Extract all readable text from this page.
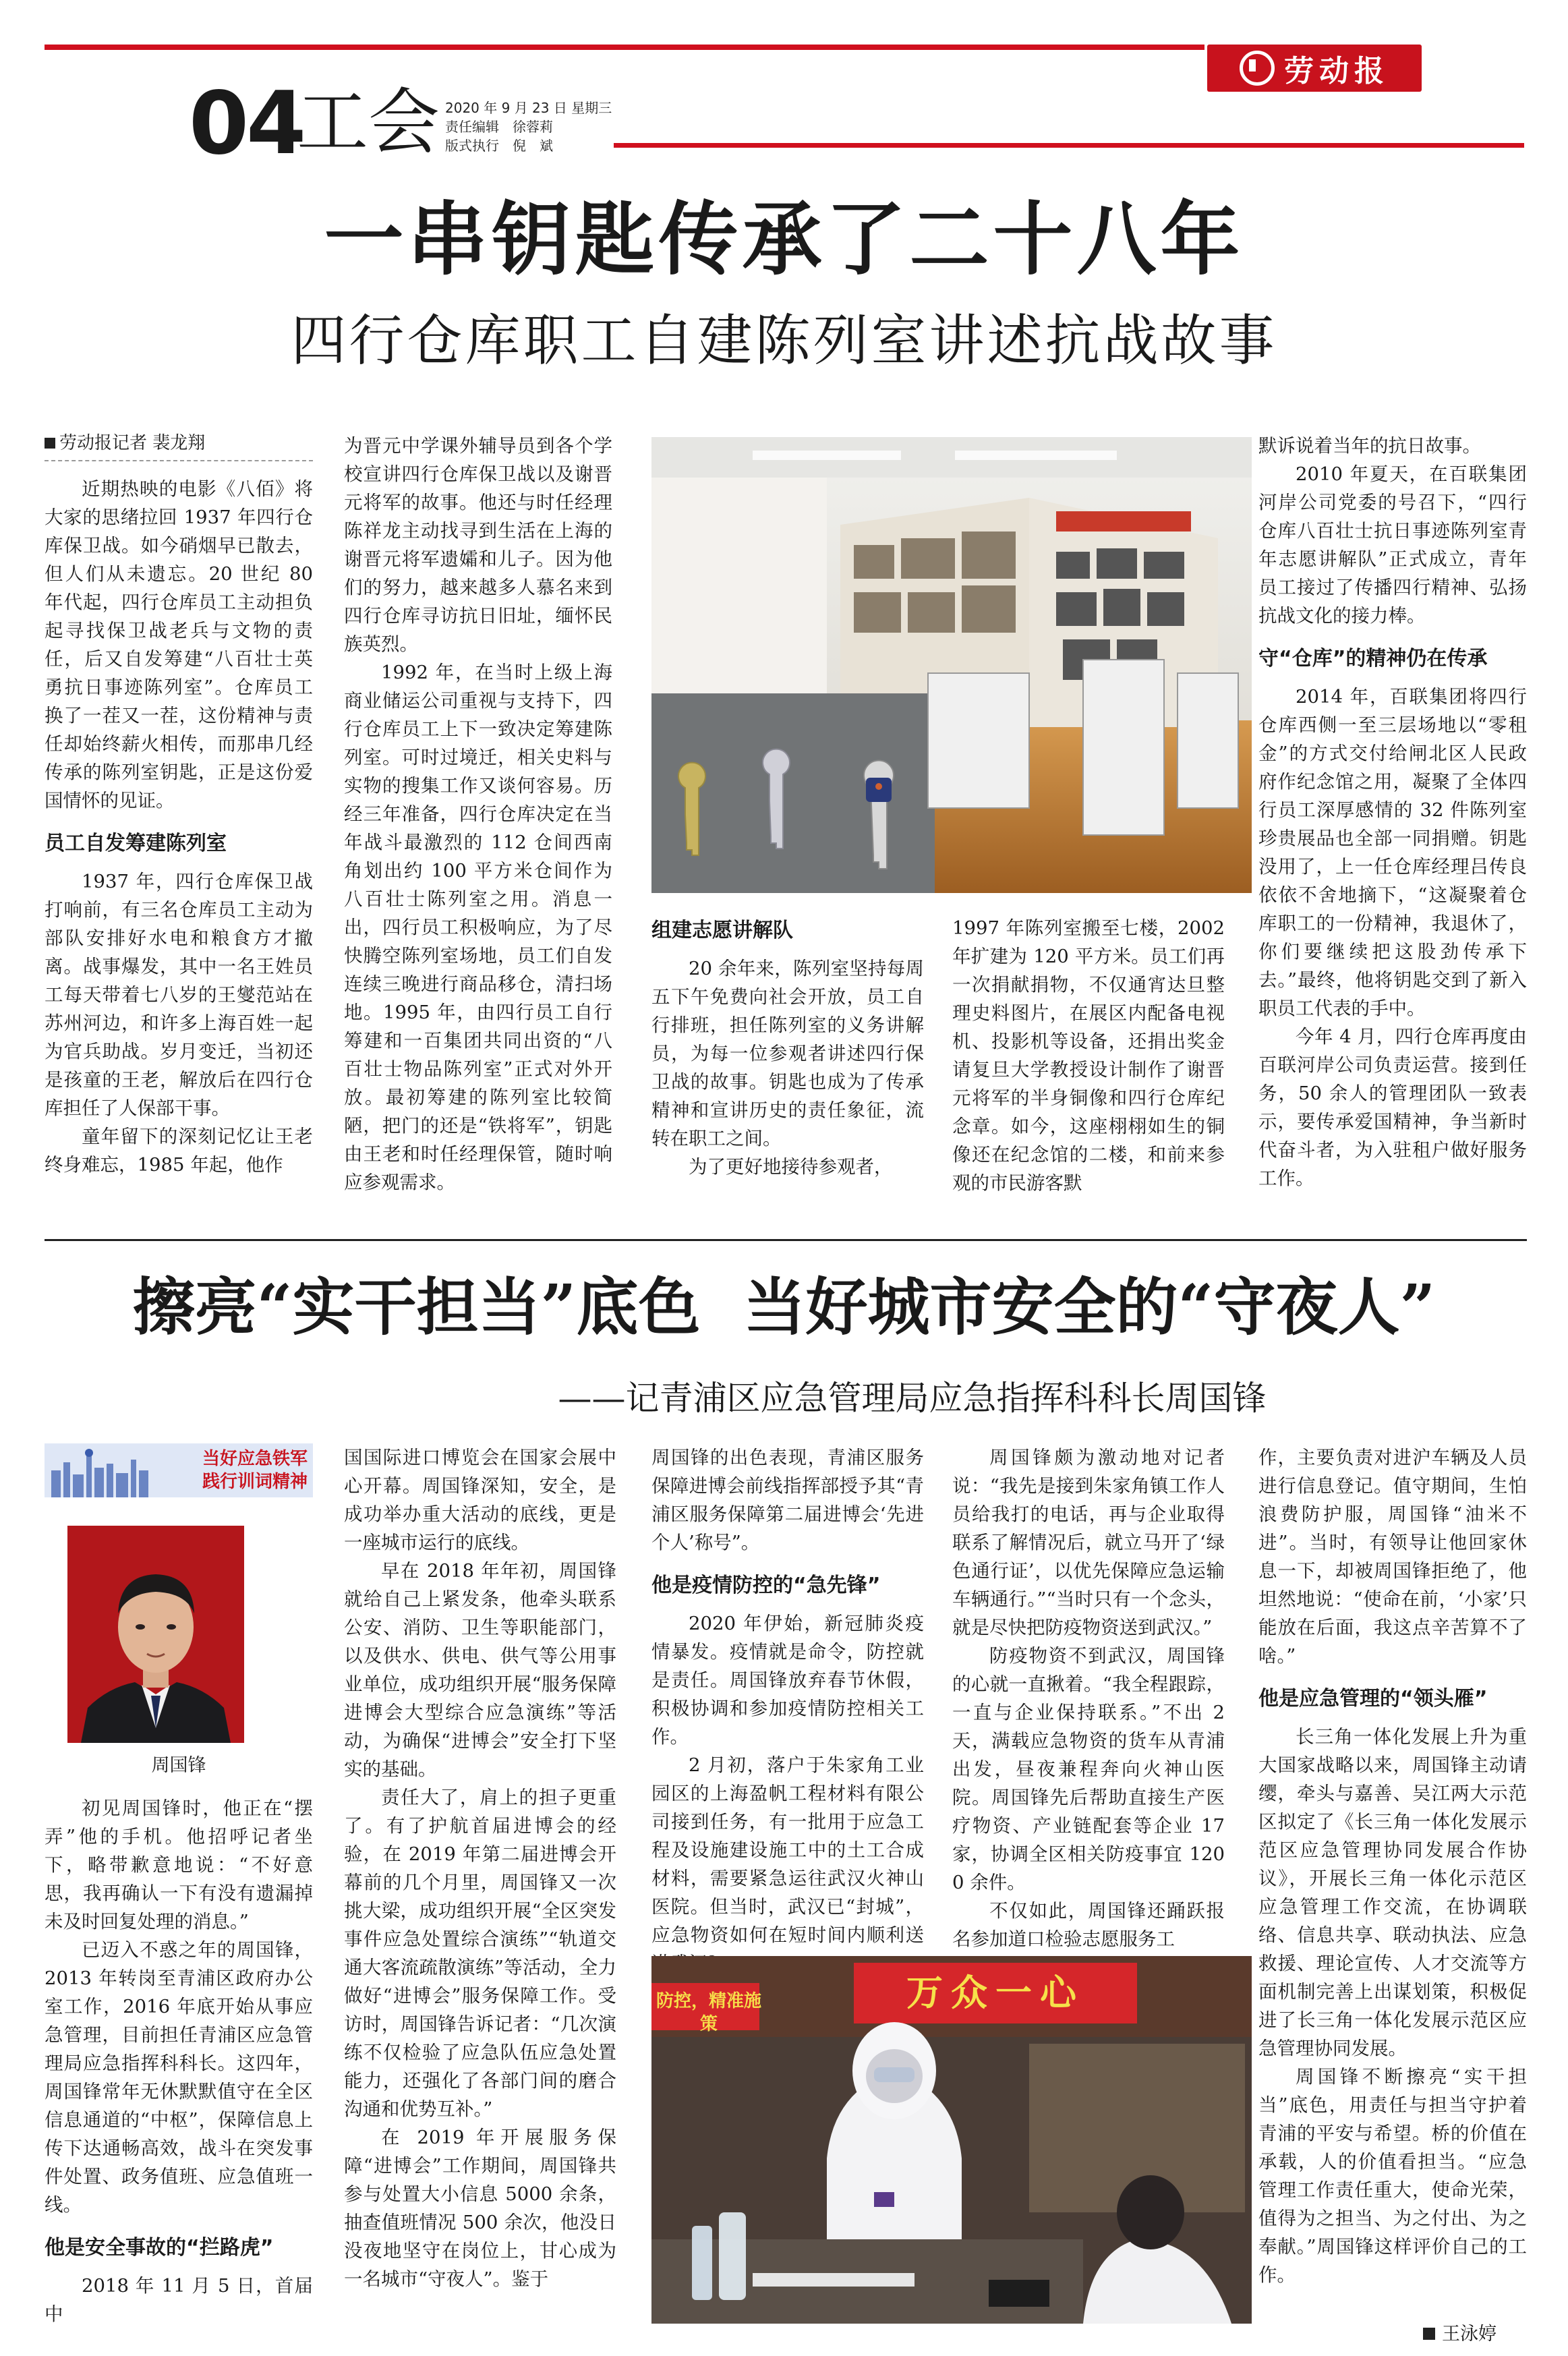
劳动报
04
工会 2020 年 9 月 23 日 星期三
责任编辑　徐蓉莉
版式执行　倪　斌
一串钥匙传承了二十八年
四行仓库职工自建陈列室讲述抗战故事

劳动报记者 裴龙翔

近期热映的电影《八佰》将大家的思绪拉回 1937 年四行仓库保卫战。如今硝烟早已散去，但人们从未遗忘。20 世纪 80 年代起，四行仓库员工主动担负起寻找保卫战老兵与文物的责任，后又自发筹建“八百壮士英勇抗日事迹陈列室”。仓库员工换了一茬又一茬，这份精神与责任却始终薪火相传，而那串几经传承的陈列室钥匙，正是这份爱国情怀的见证。

员工自发筹建陈列室

1937 年，四行仓库保卫战打响前，有三名仓库员工主动为部队安排好水电和粮食方才撤离。战事爆发，其中一名王姓员工每天带着七八岁的王燮范站在苏州河边，和许多上海百姓一起为官兵助战。岁月变迁，当初还是孩童的王老，解放后在四行仓库担任了人保部干事。

童年留下的深刻记忆让王老终身难忘，1985 年起，他作

为晋元中学课外辅导员到各个学校宣讲四行仓库保卫战以及谢晋元将军的故事。他还与时任经理陈祥龙主动找寻到生活在上海的谢晋元将军遗孀和儿子。因为他们的努力，越来越多人慕名来到四行仓库寻访抗日旧址，缅怀民族英烈。

1992 年，在当时上级上海商业储运公司重视与支持下，四行仓库员工上下一致决定筹建陈列室。可时过境迁，相关史料与实物的搜集工作又谈何容易。历经三年准备，四行仓库决定在当年战斗最激烈的 112 仓间西南角划出约 100 平方米仓间作为八百壮士陈列室之用。消息一出，四行员工积极响应，为了尽快腾空陈列室场地，员工们自发连续三晚进行商品移仓，清扫场地。1995 年，由四行员工自行筹建和一百集团共同出资的“八百壮士物品陈列室”正式对外开放。最初筹建的陈列室比较简陋，把门的还是“铁将军”，钥匙由王老和时任经理保管，随时响应参观需求。

组建志愿讲解队

20 余年来，陈列室坚持每周五下午免费向社会开放，员工自行排班，担任陈列室的义务讲解员，为每一位参观者讲述四行保卫战的故事。钥匙也成为了传承精神和宣讲历史的责任象征，流转在职工之间。

为了更好地接待参观者，

1997 年陈列室搬至七楼，2002 年扩建为 120 平方米。员工们再一次捐献捐物，不仅通宵达旦整理史料图片，在展区内配备电视机、投影机等设备，还捐出奖金请复旦大学教授设计制作了谢晋元将军的半身铜像和四行仓库纪念章。如今，这座栩栩如生的铜像还在纪念馆的二楼，和前来参观的市民游客默

默诉说着当年的抗日故事。

2010 年夏天，在百联集团河岸公司党委的号召下，“四行仓库八百壮士抗日事迹陈列室青年志愿讲解队”正式成立，青年员工接过了传播四行精神、弘扬抗战文化的接力棒。

守“仓库”的精神仍在传承

2014 年，百联集团将四行仓库西侧一至三层场地以“零租金”的方式交付给闸北区人民政府作纪念馆之用，凝聚了全体四行员工深厚感情的 32 件陈列室珍贵展品也全部一同捐赠。钥匙没用了，上一任仓库经理吕传良依依不舍地摘下，“这凝聚着仓库职工的一份精神，我退休了，你们要继续把这股劲传承下去。”最终，他将钥匙交到了新入职员工代表的手中。

今年 4 月，四行仓库再度由百联河岸公司负责运营。接到任务，50 余人的管理团队一致表示，要传承爱国精神，争当新时代奋斗者，为入驻租户做好服务工作。

擦亮“实干担当”底色  当好城市安全的“守夜人”
——记青浦区应急管理局应急指挥科科长周国锋
当好应急铁军
践行训词精神
周国锋

初见周国锋时，他正在“摆弄”他的手机。他招呼记者坐下，略带歉意地说：“不好意思，我再确认一下有没有遗漏掉未及时回复处理的消息。”

已迈入不惑之年的周国锋，2013 年转岗至青浦区政府办公室工作，2016 年底开始从事应急管理，目前担任青浦区应急管理局应急指挥科科长。这四年，周国锋常年无休默默值守在全区信息通道的“中枢”，保障信息上传下达通畅高效，战斗在突发事件处置、政务值班、应急值班一线。

他是安全事故的“拦路虎”

2018 年 11 月 5 日，首届中

国国际进口博览会在国家会展中心开幕。周国锋深知，安全，是成功举办重大活动的底线，更是一座城市运行的底线。

早在 2018 年年初，周国锋就给自己上紧发条，他牵头联系公安、消防、卫生等职能部门，以及供水、供电、供气等公用事业单位，成功组织开展“服务保障进博会大型综合应急演练”等活动，为确保“进博会”安全打下坚实的基础。

责任大了，肩上的担子更重了。有了护航首届进博会的经验，在 2019 年第二届进博会开幕前的几个月里，周国锋又一次挑大梁，成功组织开展“全区突发事件应急处置综合演练”“轨道交通大客流疏散演练”等活动，全力做好“进博会”服务保障工作。受访时，周国锋告诉记者：“几次演练不仅检验了应急队伍应急处置能力，还强化了各部门间的磨合沟通和优势互补。”

在 2019 年开展服务保障“进博会”工作期间，周国锋共参与处置大小信息 5000 余条，抽查值班情况 500 余次，他没日没夜地坚守在岗位上，甘心成为一名城市“守夜人”。鉴于

周国锋的出色表现，青浦区服务保障进博会前线指挥部授予其“青浦区服务保障第二届进博会‘先进个人’称号”。

他是疫情防控的“急先锋”

2020 年伊始，新冠肺炎疫情暴发。疫情就是命令，防控就是责任。周国锋放弃春节休假，积极协调和参加疫情防控相关工作。

2 月初，落户于朱家角工业园区的上海盈帆工程材料有限公司接到任务，有一批用于应急工程及设施建设施工中的土工合成材料，需要紧急运往武汉火神山医院。但当时，武汉已“封城”，应急物资如何在短时间内顺利送

周国锋颇为激动地对记者说：“我先是接到朱家角镇工作人员给我打的电话，再与企业取得联系了解情况后，就立马开了‘绿色通行证’，以优先保障应急运输车辆通行。”“当时只有一个念头，就是尽快把防疫物资送到武汉。”

防疫物资不到武汉，周国锋的心就一直揪着。“我全程跟踪，一直与企业保持联系。”不出 2 天，满载应急物资的货车从青浦出发，昼夜兼程奔向火神山医院。周国锋先后帮助直接生产医疗物资、产业链配套等企业 17 家，协调全区相关防疫事宜 1200 余件。

不仅如此，周国锋还踊跃报名参加道口检验志愿服务工

作，主要负责对进沪车辆及人员进行信息登记。值守期间，生怕浪费防护服，周国锋“油米不进”。当时，有领导让他回家休息一下，却被周国锋拒绝了，他坦然地说：“使命在前，‘小家’只能放在后面，我这点辛苦算不了啥。”

他是应急管理的“领头雁”

长三角一体化发展上升为重大国家战略以来，周国锋主动请缨，牵头与嘉善、吴江两大示范区拟定了《长三角一体化发展示范区应急管理协同发展合作协议》，开展长三角一体化示范区应急管理工作交流，在协调联络、信息共享、联动执法、应急救援、理论宣传、人才交流等方面机制完善上出谋划策，积极促进了长三角一体化发展示范区应急管理协同发展。

周国锋不断擦亮“实干担当”底色，用责任与担当守护着青浦的平安与希望。桥的价值在承载，人的价值看担当。“应急管理工作责任重大，使命光荣，值得为之担当、为之付出、为之奉献。”周国锋这样评价自己的工作。

万众一心
防控，精准施策
王泳婷
